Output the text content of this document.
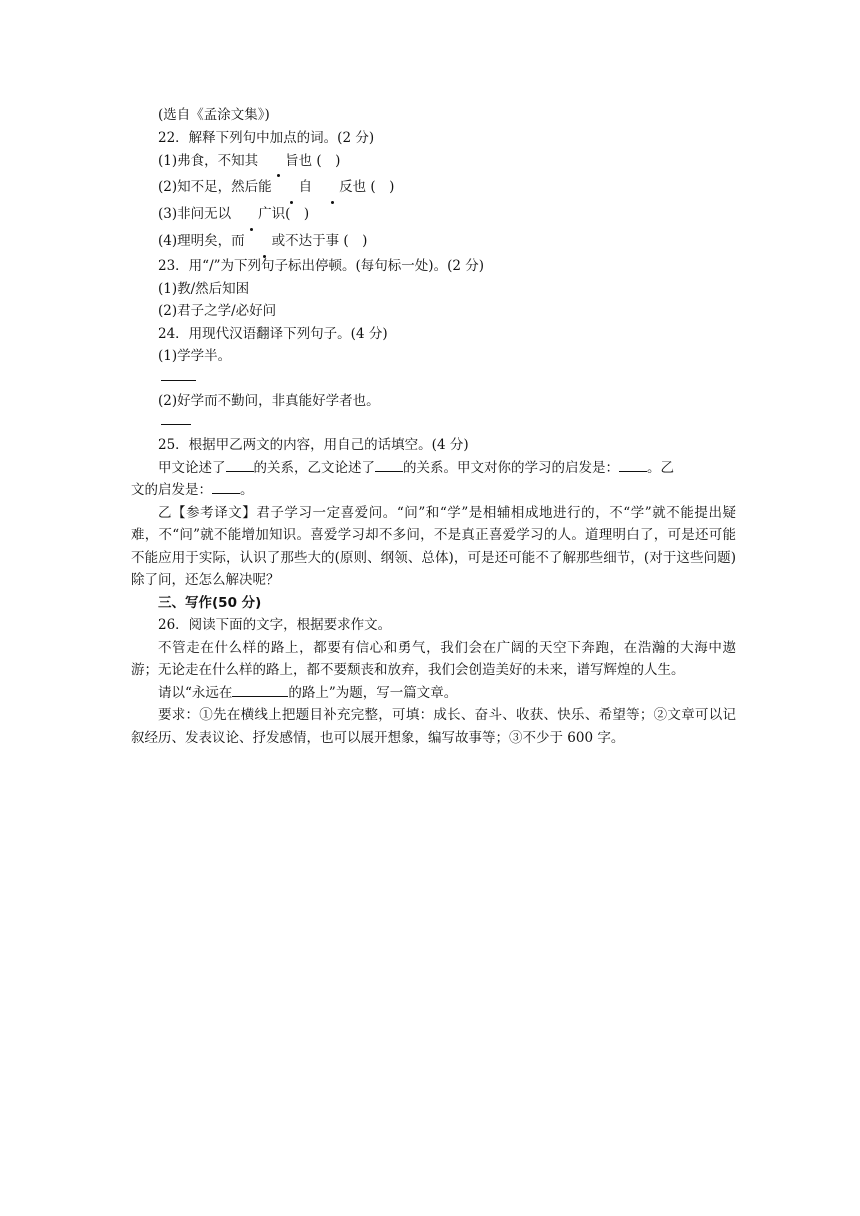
(选自《孟涂文集》)
22．解释下列句中加点的词。(2 分)
(1)弗食，不知其 旨也 (　)
(2)知不足，然后能 自 反也 (　)
(3)非问无以 广识(　)
(4)理明矣，而 或不达于事 (　)
23．用“/”为下列句子标出停顿。(每句标一处)。(2 分)
(1)教/然后知困
(2)君子之学/必好问
24．用现代汉语翻译下列句子。(4 分)
(1)学学半。
(2)好学而不勤问，非真能好学者也。
25．根据甲乙两文的内容，用自己的话填空。(4 分)
甲文论述了 的关系，乙文论述了 的关系。甲文对你的学习的启发是： 。乙
文的启发是： 。
乙【参考译文】君子学习一定喜爱问。“问”和“学”是相辅相成地进行的，不“学”就不能提出疑难，不“问”就不能增加知识。喜爱学习却不多问，不是真正喜爱学习的人。道理明白了，可是还可能不能应用于实际，认识了那些大的(原则、纲领、总体)，可是还可能不了解那些细节，(对于这些问题)除了问，还怎么解决呢？
三、写作(50 分)
26．阅读下面的文字，根据要求作文。
不管走在什么样的路上，都要有信心和勇气，我们会在广阔的天空下奔跑，在浩瀚的大海中遨游；无论走在什么样的路上，都不要颓丧和放弃，我们会创造美好的未来，谱写辉煌的人生。
请以“永远在	的路上”为题，写一篇文章。
要求：①先在横线上把题目补充完整，可填：成长、奋斗、收获、快乐、希望等；②文章可以记叙经历、发表议论、抒发感情，也可以展开想象，编写故事等；③不少于 600 字。
